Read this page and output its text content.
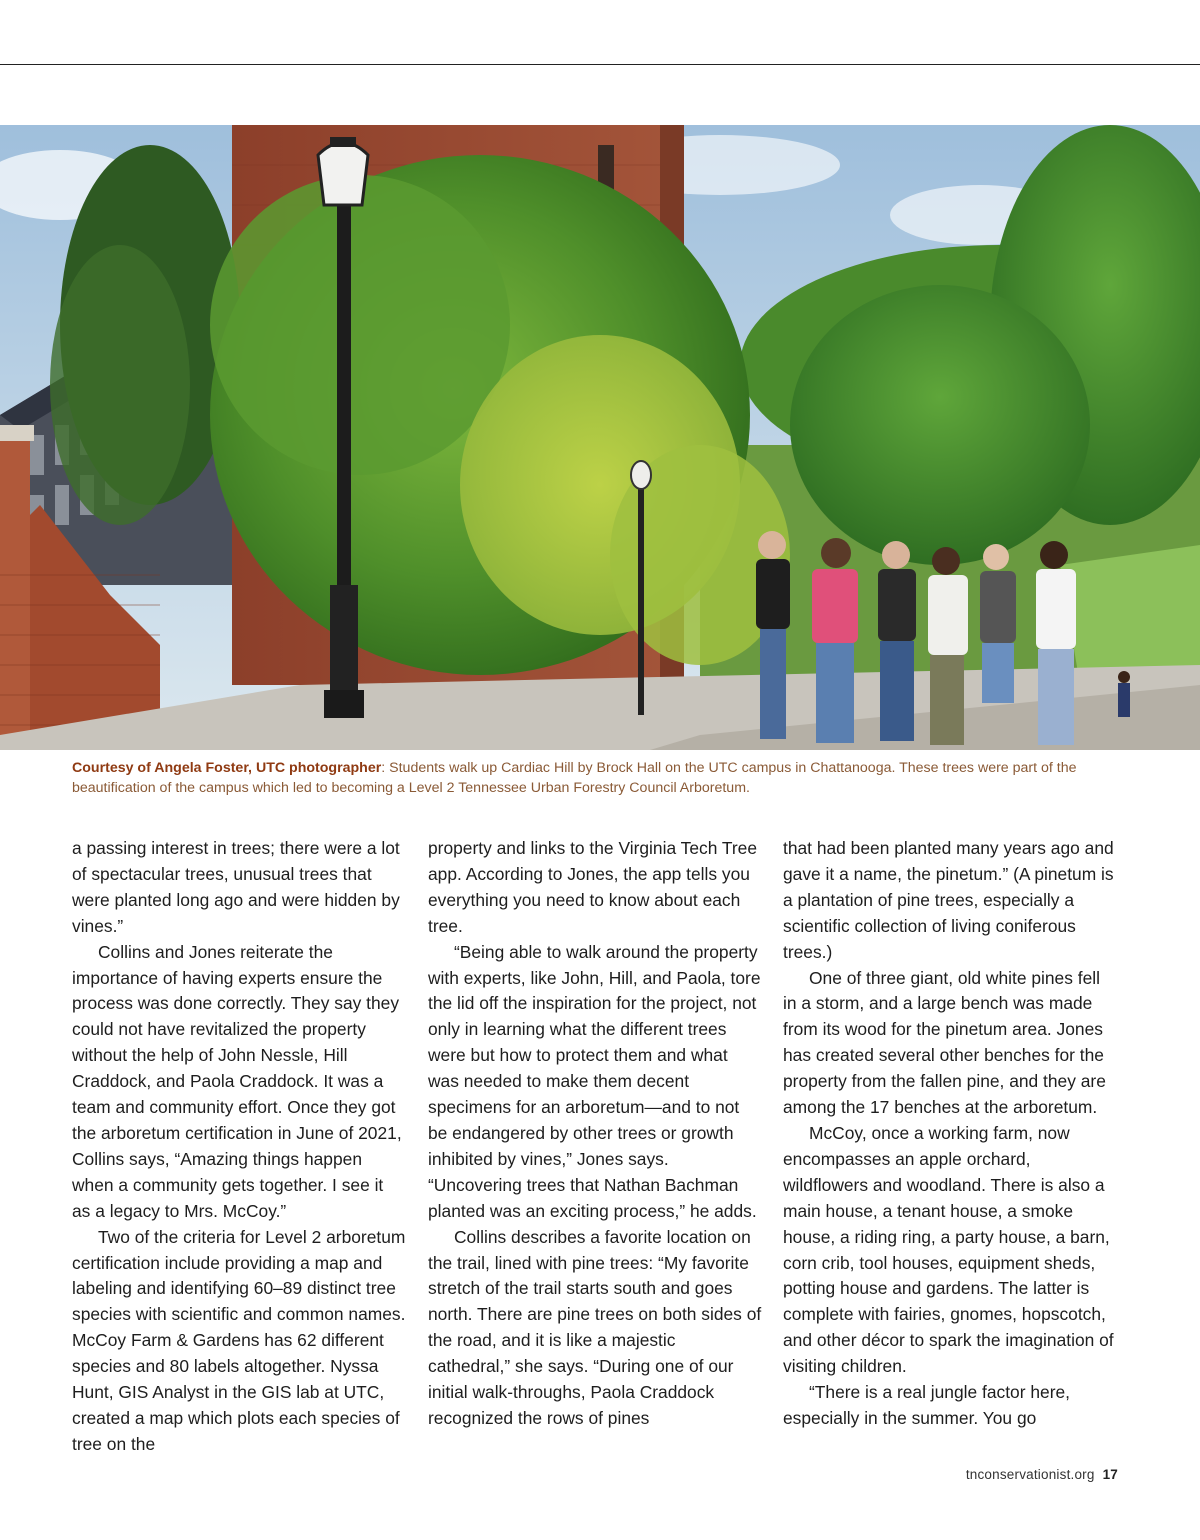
Courtesy of Angela Foster, UTC photographer: Students walk up Cardiac Hill by Brock Hall on the UTC campus in Chattanooga. These trees were part of the beautification of the campus which led to becoming a Level 2 Tennessee Urban Forestry Council Arboretum.

a passing interest in trees; there were a lot of spectacular trees, unusual trees that were planted long ago and were hidden by vines.”

Collins and Jones reiterate the importance of having experts ensure the process was done correctly. They say they could not have revitalized the property without the help of John Nessle, Hill Craddock, and Paola Craddock. It was a team and community effort. Once they got the arboretum certification in June of 2021, Collins says, “Amazing things happen when a community gets together. I see it as a legacy to Mrs. McCoy.”

Two of the criteria for Level 2 arboretum certification include providing a map and labeling and identifying 60–89 distinct tree species with scientific and common names. McCoy Farm & Gardens has 62 different species and 80 labels altogether. Nyssa Hunt, GIS Analyst in the GIS lab at UTC, created a map which plots each species of tree on the

property and links to the Virginia Tech Tree app. According to Jones, the app tells you everything you need to know about each tree.

“Being able to walk around the property with experts, like John, Hill, and Paola, tore the lid off the inspiration for the project, not only in learning what the different trees were but how to protect them and what was needed to make them decent specimens for an arboretum—and to not be endangered by other trees or growth inhibited by vines,” Jones says. “Uncovering trees that Nathan Bachman planted was an exciting process,” he adds.

Collins describes a favorite location on the trail, lined with pine trees: “My favorite stretch of the trail starts south and goes north. There are pine trees on both sides of the road, and it is like a majestic cathedral,” she says. “During one of our initial walk-throughs, Paola Craddock recognized the rows of pines

that had been planted many years ago and gave it a name, the pinetum.” (A pinetum is a plantation of pine trees, especially a scientific collection of living coniferous trees.)

One of three giant, old white pines fell in a storm, and a large bench was made from its wood for the pinetum area. Jones has created several other benches for the property from the fallen pine, and they are among the 17 benches at the arboretum.

McCoy, once a working farm, now encompasses an apple orchard, wildflowers and woodland. There is also a main house, a tenant house, a smoke house, a riding ring, a party house, a barn, corn crib, tool houses, equipment sheds, potting house and gardens. The latter is complete with fairies, gnomes, hopscotch, and other décor to spark the imagination of visiting children.

“There is a real jungle factor here, especially in the summer. You go

tnconservationist.org 17
